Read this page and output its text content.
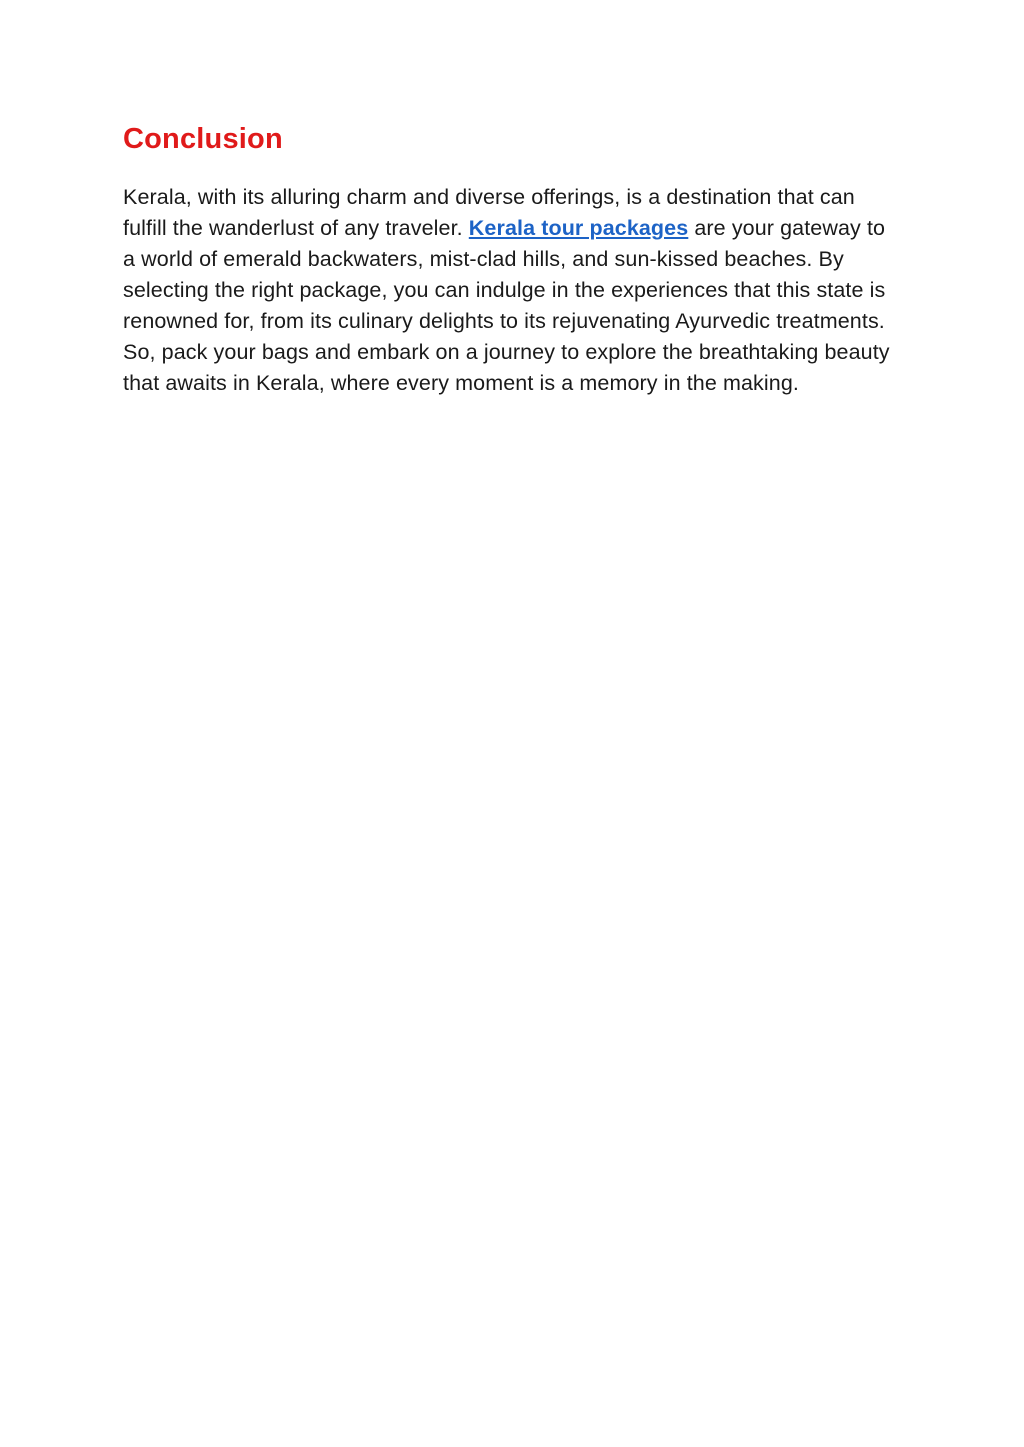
Conclusion

Kerala, with its alluring charm and diverse offerings, is a destination that can fulfill the wanderlust of any traveler. Kerala tour packages are your gateway to a world of emerald backwaters, mist-clad hills, and sun-kissed beaches. By selecting the right package, you can indulge in the experiences that this state is renowned for, from its culinary delights to its rejuvenating Ayurvedic treatments. So, pack your bags and embark on a journey to explore the breathtaking beauty that awaits in Kerala, where every moment is a memory in the making.
